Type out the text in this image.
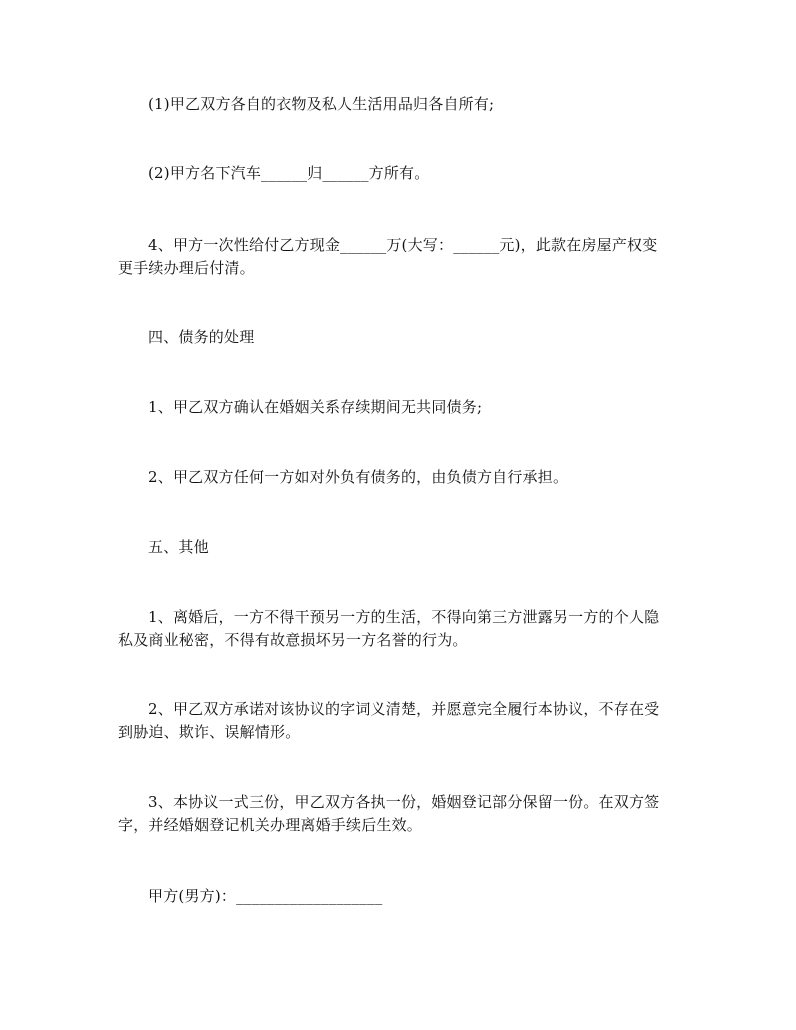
(1)甲乙双方各自的衣物及私人生活用品归各自所有;
(2)甲方名下汽车______归______方所有。
4、甲方一次性给付乙方现金______万(大写：______元)，此款在房屋产权变
更手续办理后付清。
四、债务的处理
1、甲乙双方确认在婚姻关系存续期间无共同债务;
2、甲乙双方任何一方如对外负有债务的，由负债方自行承担。
五、其他
1、离婚后，一方不得干预另一方的生活，不得向第三方泄露另一方的个人隐
私及商业秘密，不得有故意损坏另一方名誉的行为。
2、甲乙双方承诺对该协议的字词义清楚，并愿意完全履行本协议，不存在受
到胁迫、欺诈、误解情形。
3、本协议一式三份，甲乙双方各执一份，婚姻登记部分保留一份。在双方签
字，并经婚姻登记机关办理离婚手续后生效。
甲方(男方)：___________________
